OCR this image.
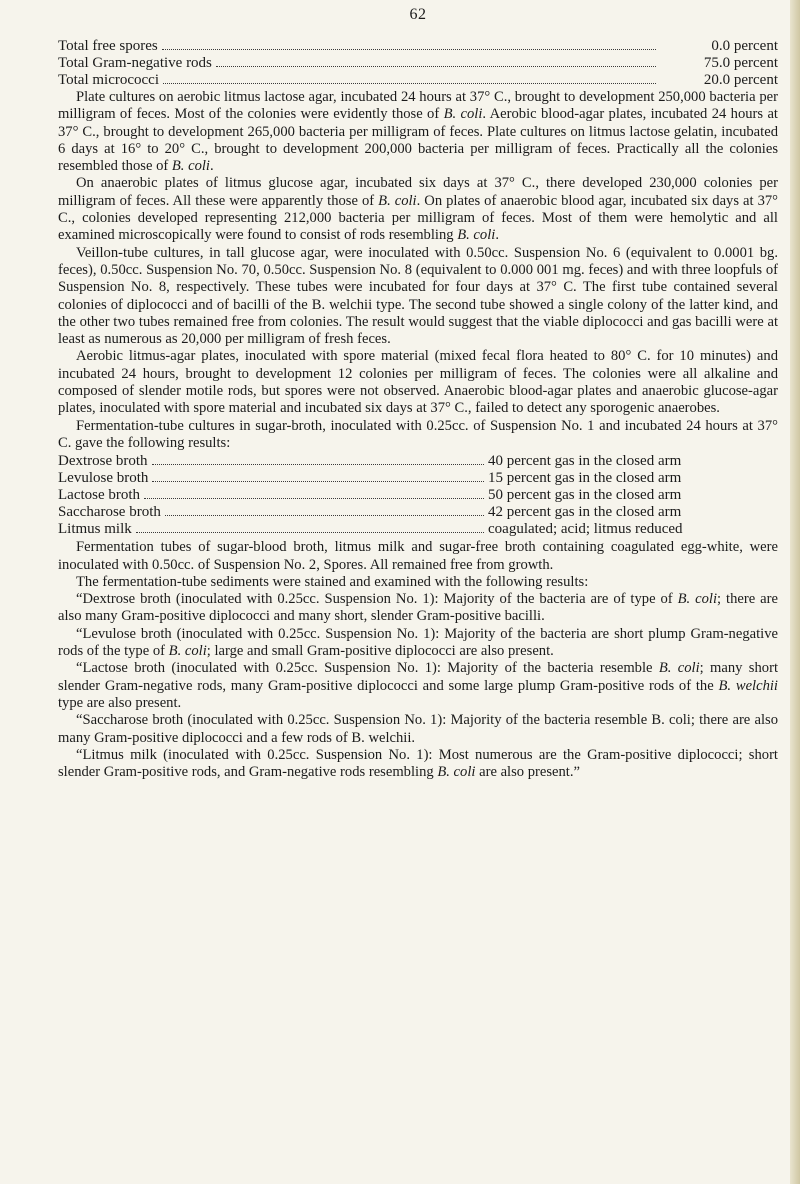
62
Total free spores	0.0 percent
Total Gram-negative rods	75.0 percent
Total micrococci	20.0 percent

Plate cultures on aerobic litmus lactose agar, incubated 24 hours at 37° C., brought to development 250,000 bacteria per milligram of feces. Most of the colonies were evidently those of B. coli. Aerobic blood-agar plates, incubated 24 hours at 37° C., brought to development 265,000 bacteria per milligram of feces. Plate cultures on litmus lactose gelatin, incubated 6 days at 16° to 20° C., brought to development 200,000 bacteria per milligram of feces. Practically all the colonies resembled those of B. coli.

On anaerobic plates of litmus glucose agar, incubated six days at 37° C., there developed 230,000 colonies per milligram of feces. All these were apparently those of B. coli. On plates of anaerobic blood agar, incubated six days at 37° C., colonies developed representing 212,000 bacteria per milligram of feces. Most of them were hemolytic and all examined microscopically were found to consist of rods resembling B. coli.

Veillon-tube cultures, in tall glucose agar, were inoculated with 0.50cc. Suspension No. 6 (equivalent to 0.0001 bg. feces), 0.50cc. Suspension No. 70, 0.50cc. Suspension No. 8 (equivalent to 0.000 001 mg. feces) and with three loopfuls of Suspension No. 8, respectively. These tubes were incubated for four days at 37° C. The first tube contained several colonies of diplococci and of bacilli of the B. welchii type. The second tube showed a single colony of the latter kind, and the other two tubes remained free from colonies. The result would suggest that the viable diplococci and gas bacilli were at least as numerous as 20,000 per milligram of fresh feces.

Aerobic litmus-agar plates, inoculated with spore material (mixed fecal flora heated to 80° C. for 10 minutes) and incubated 24 hours, brought to development 12 colonies per milligram of feces. The colonies were all alkaline and composed of slender motile rods, but spores were not observed. Anaerobic blood-agar plates and anaerobic glucose-agar plates, inoculated with spore material and incubated six days at 37° C., failed to detect any sporogenic anaerobes.

Fermentation-tube cultures in sugar-broth, inoculated with 0.25cc. of Suspension No. 1 and incubated 24 hours at 37° C. gave the following results:

Dextrose broth	40 percent gas in the closed arm
Levulose broth	15 percent gas in the closed arm
Lactose broth	50 percent gas in the closed arm
Saccharose broth	42 percent gas in the closed arm
Litmus milk	coagulated; acid; litmus reduced

Fermentation tubes of sugar-blood broth, litmus milk and sugar-free broth containing coagulated egg-white, were inoculated with 0.50cc. of Suspension No. 2, Spores. All remained free from growth.

The fermentation-tube sediments were stained and examined with the following results:

“Dextrose broth (inoculated with 0.25cc. Suspension No. 1): Majority of the bacteria are of type of B. coli; there are also many Gram-positive diplococci and many short, slender Gram-positive bacilli.

“Levulose broth (inoculated with 0.25cc. Suspension No. 1): Majority of the bacteria are short plump Gram-negative rods of the type of B. coli; large and small Gram-positive diplococci are also present.

“Lactose broth (inoculated with 0.25cc. Suspension No. 1): Majority of the bacteria resemble B. coli; many short slender Gram-negative rods, many Gram-positive diplococci and some large plump Gram-positive rods of the B. welchii type are also present.

“Saccharose broth (inoculated with 0.25cc. Suspension No. 1): Majority of the bacteria resemble B. coli; there are also many Gram-positive diplococci and a few rods of B. welchii.

“Litmus milk (inoculated with 0.25cc. Suspension No. 1): Most numerous are the Gram-positive diplococci; short slender Gram-positive rods, and Gram-negative rods resembling B. coli are also present.”
